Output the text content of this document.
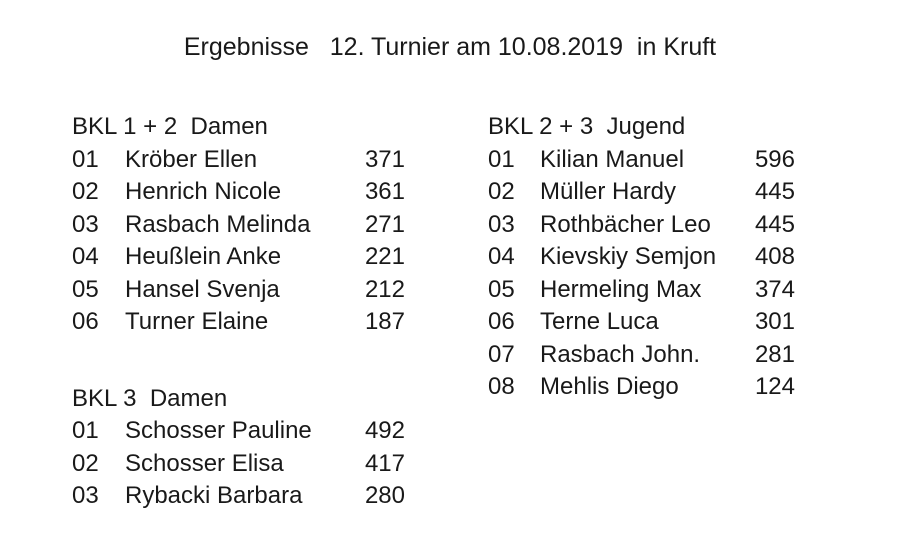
Ergebnisse   12. Turnier am 10.08.2019  in Kruft
BKL 1 + 2  Damen
01	Kröber Ellen	371
02	Henrich Nicole	361
03	Rasbach Melinda	271
04	Heußlein Anke	221
05	Hansel Svenja	212
06	Turner Elaine	187
BKL 3  Damen
01	Schosser Pauline	492
02	Schosser Elisa	417
03	Rybacki Barbara	280
BKL 2 + 3  Jugend
01	Kilian Manuel	596
02	Müller Hardy	445
03	Rothbächer Leo	445
04	Kievskiy Semjon	408
05	Hermeling Max	374
06	Terne Luca	301
07	Rasbach John.	281
08	Mehlis Diego	124
